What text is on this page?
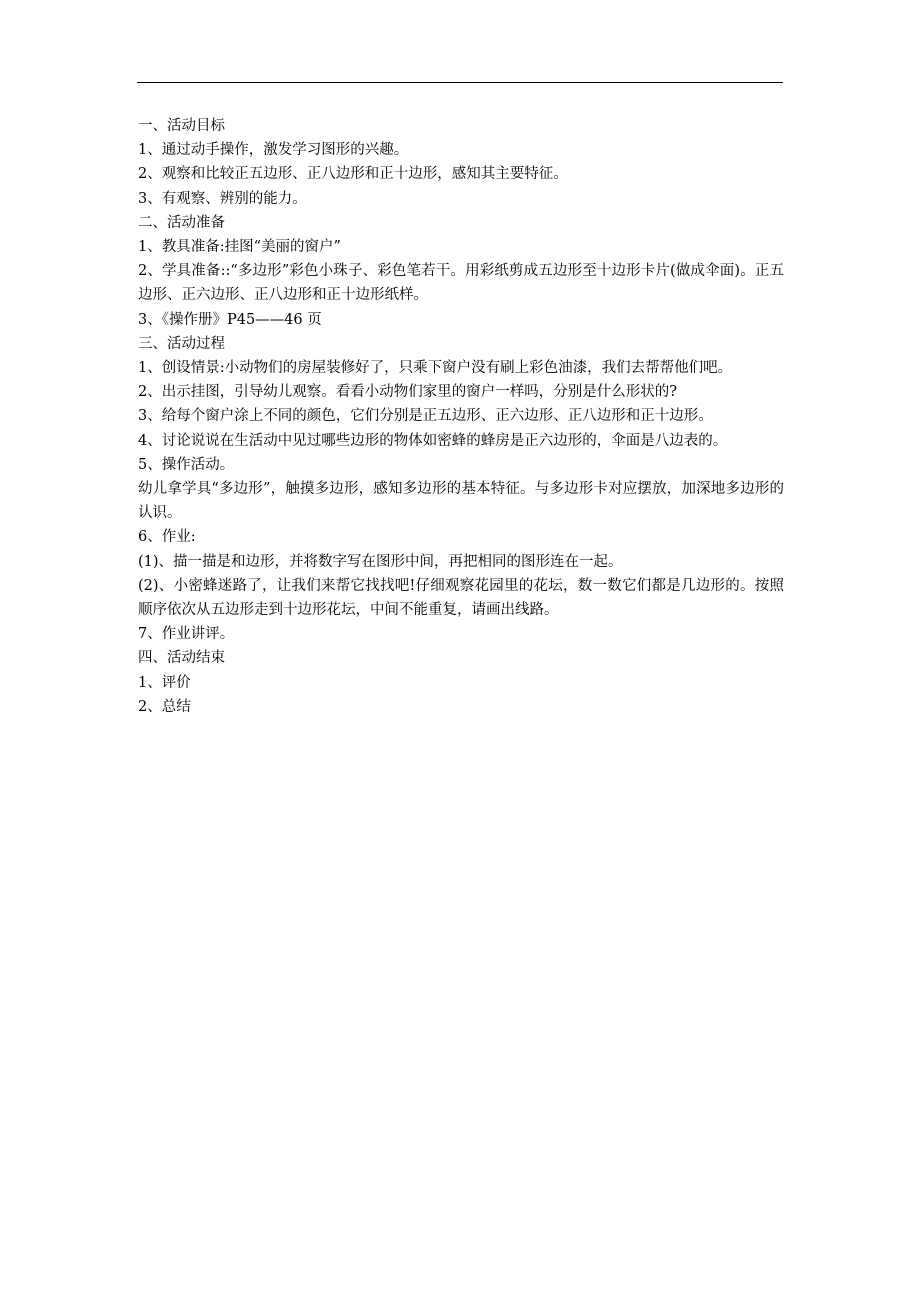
一、活动目标
1、通过动手操作，激发学习图形的兴趣。
2、观察和比较正五边形、正八边形和正十边形，感知其主要特征。
3、有观察、辨别的能力。
二、活动准备
1、教具准备:挂图“美丽的窗户”
2、学具准备::“多边形”彩色小珠子、彩色笔若干。用彩纸剪成五边形至十边形卡片(做成伞面)。正五边形、正六边形、正八边形和正十边形纸样。
3、《操作册》P45——46 页
三、活动过程
1、创设情景:小动物们的房屋装修好了，只乘下窗户没有刷上彩色油漆，我们去帮帮他们吧。
2、出示挂图，引导幼儿观察。看看小动物们家里的窗户一样吗，分别是什么形状的?
3、给每个窗户涂上不同的颜色，它们分别是正五边形、正六边形、正八边形和正十边形。
4、讨论说说在生活动中见过哪些边形的物体如密蜂的蜂房是正六边形的，伞面是八边表的。
5、操作活动。
幼儿拿学具“多边形”，触摸多边形，感知多边形的基本特征。与多边形卡对应摆放，加深地多边形的认识。
6、作业:
(1)、描一描是和边形，并将数字写在图形中间，再把相同的图形连在一起。
(2)、小密蜂迷路了，让我们来帮它找找吧!仔细观察花园里的花坛，数一数它们都是几边形的。按照顺序依次从五边形走到十边形花坛，中间不能重复，请画出线路。
7、作业讲评。
四、活动结束
1、评价
2、总结
